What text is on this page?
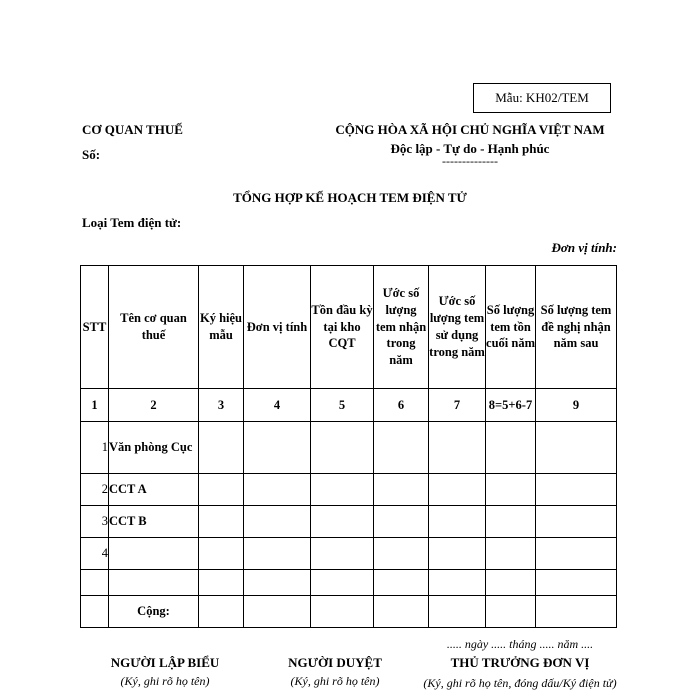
Mẫu: KH02/TEM
CƠ QUAN THUẾ
Số:
CỘNG HÒA XÃ HỘI CHỦ NGHĨA VIỆT NAM
Độc lập - Tự do - Hạnh phúc
--------------
TỔNG HỢP KẾ HOẠCH TEM ĐIỆN TỬ
Loại Tem điện tử:
Đơn vị tính:
STT	Tên cơ quan thuế	Ký hiệu mẫu	Đơn vị tính	Tồn đầu kỳ tại kho CQT	Ước số lượng tem nhận trong năm	Ước số lượng tem sử dụng trong năm	Số lượng tem tồn cuối năm	Số lượng tem đề nghị nhận năm sau
1	2	3	4	5	6	7	8=5+6-7	9
1	Văn phòng Cục							
2	CCT A							
3	CCT B							
4								

	Cộng:							
..... ngày ..... tháng ..... năm ....
NGƯỜI LẬP BIỂU
(Ký, ghi rõ họ tên)
NGƯỜI DUYỆT
(Ký, ghi rõ họ tên)
THỦ TRƯỞNG ĐƠN VỊ
(Ký, ghi rõ họ tên, đóng dấu/Ký điện tử)
